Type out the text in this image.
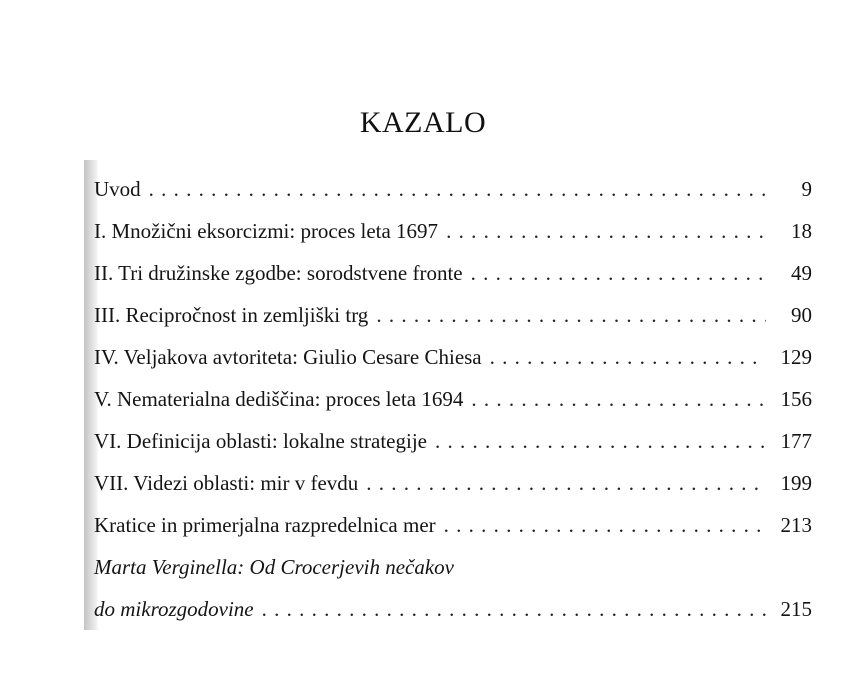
KAZALO
Uvod . . .	9
I. Množični eksorcizmi: proces leta 1697 . . .	18
II. Tri družinske zgodbe: sorodstvene fronte . . .	49
III. Recipročnost in zemljiški trg . . .	90
IV. Veljakova avtoriteta: Giulio Cesare Chiesa . . .	129
V. Nematerialna dediščina: proces leta 1694 . . .	156
VI. Definicija oblasti: lokalne strategije . . .	177
VII. Videzi oblasti: mir v fevdu . . .	199
Kratice in primerjalna razpredelnica mer . . .	213
Marta Verginella: Od Crocerjevih nečakov
do mikrozgodovine . . .	215
